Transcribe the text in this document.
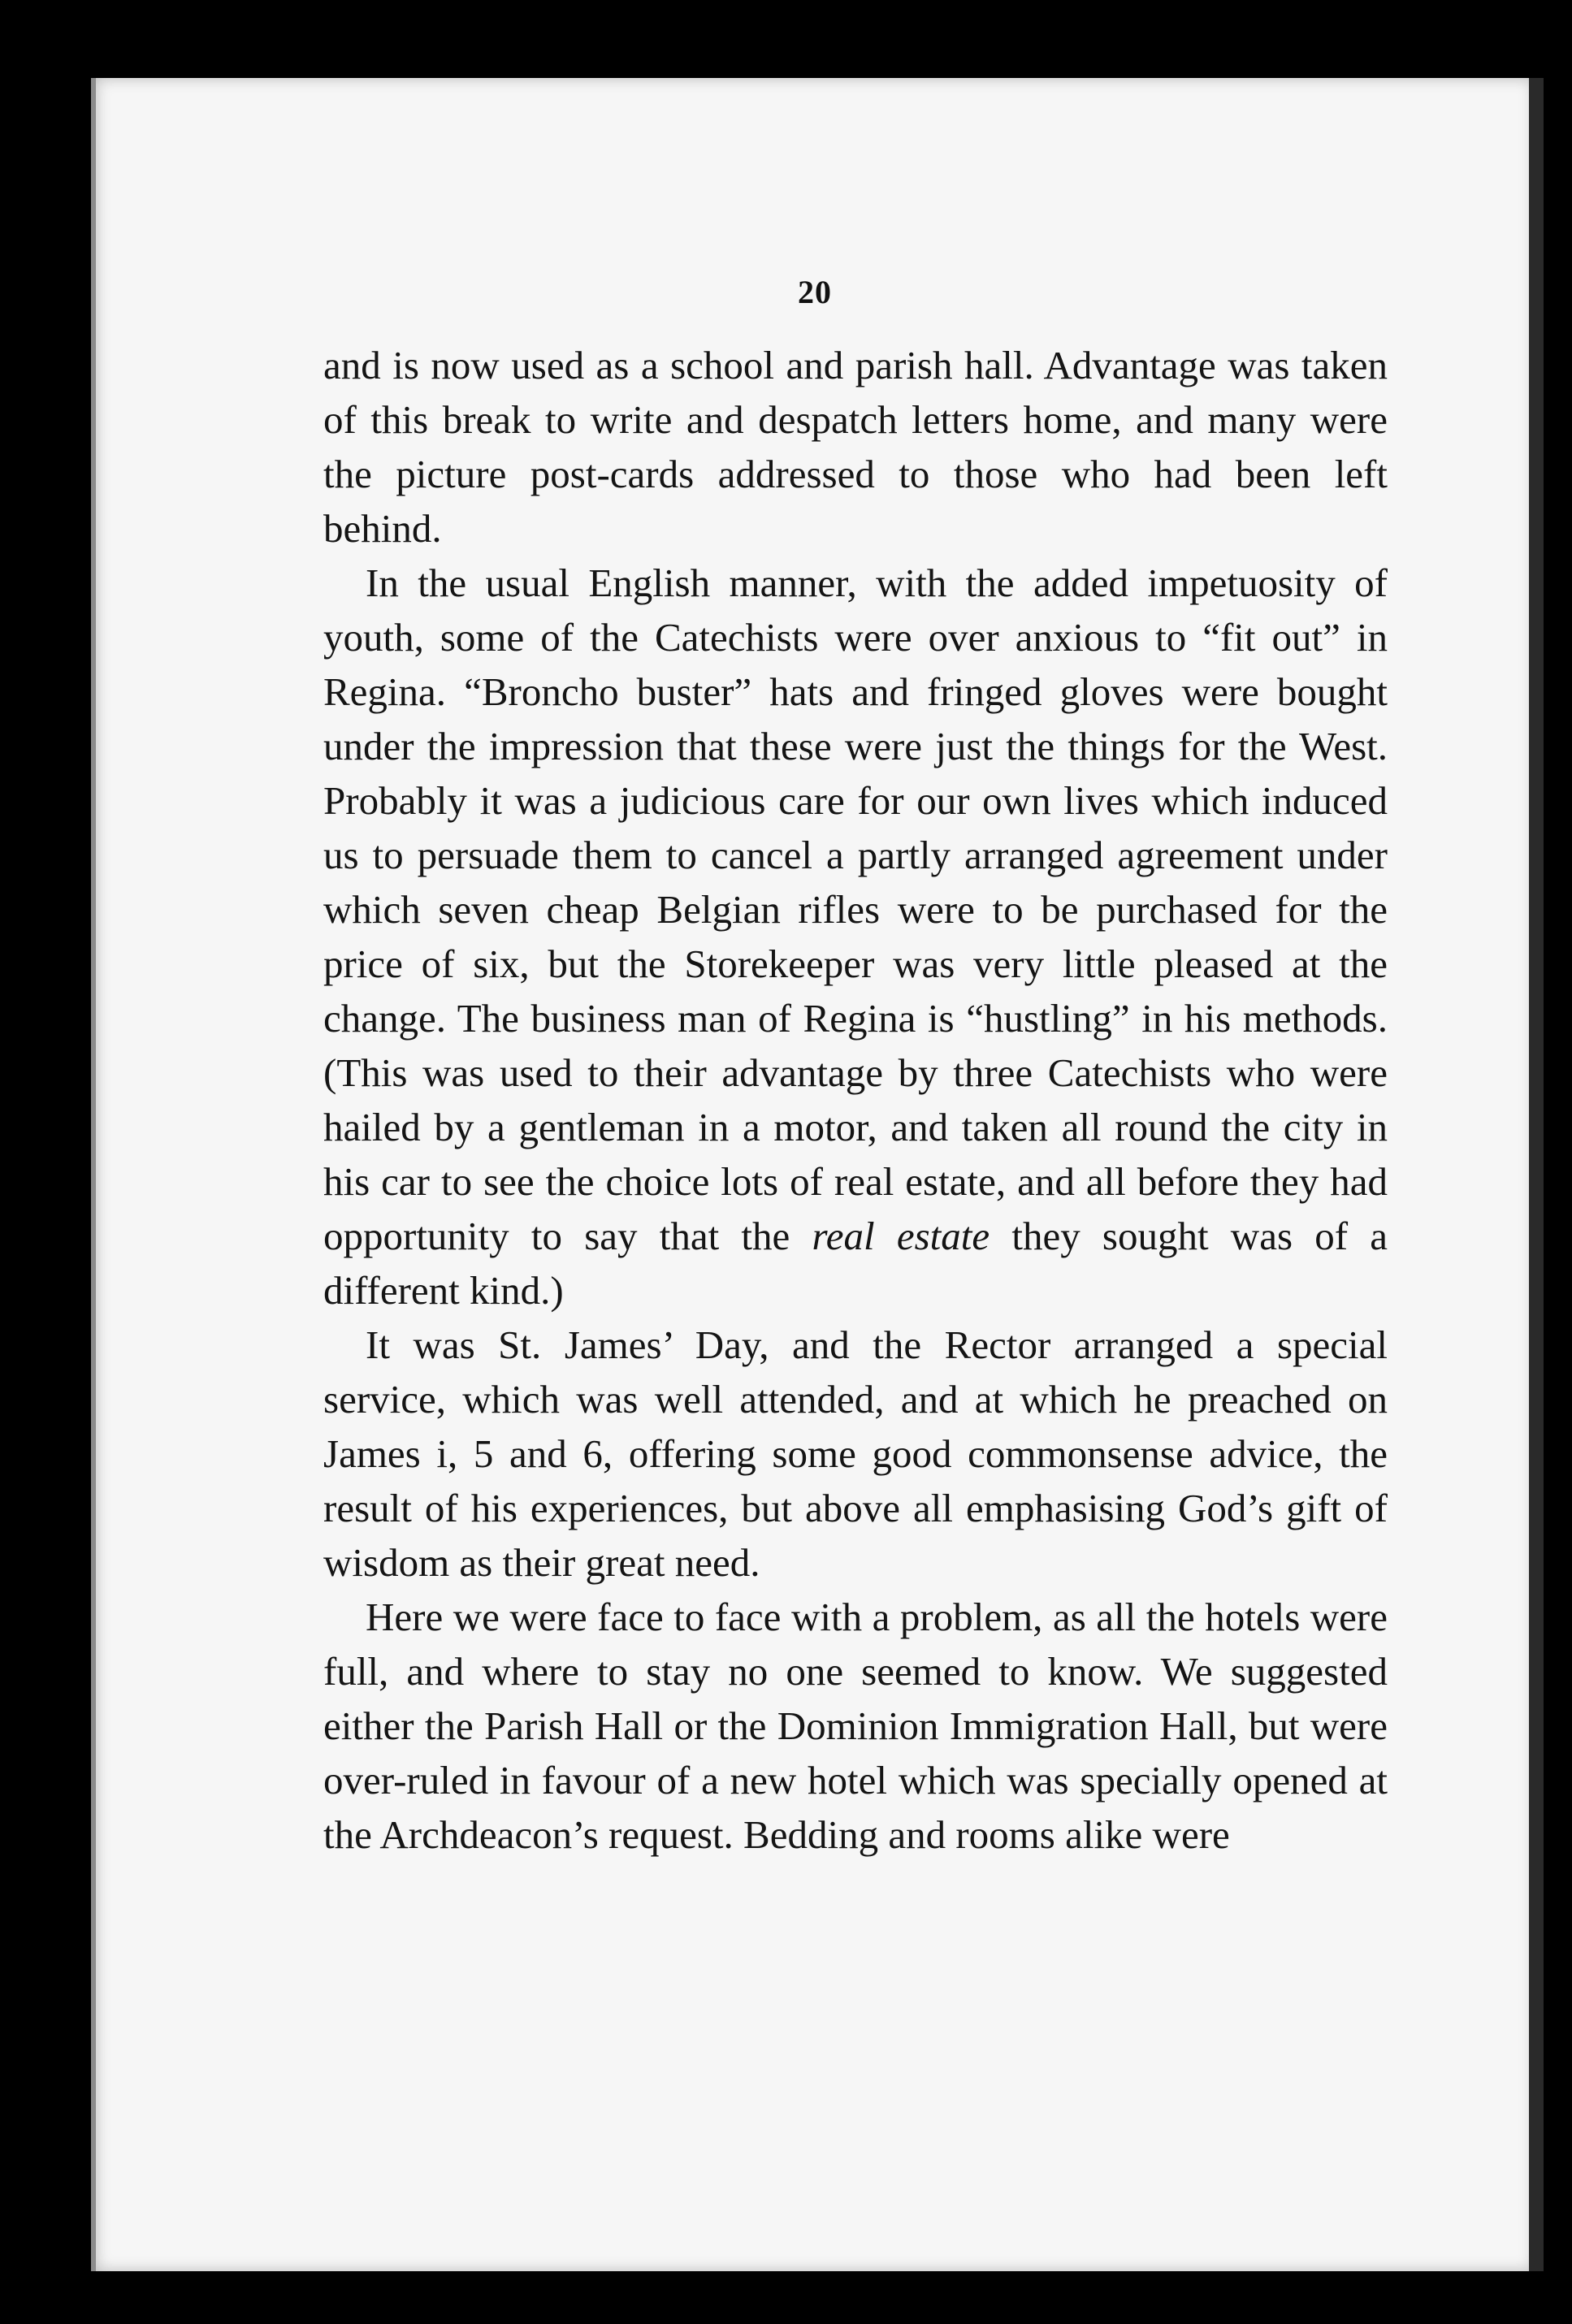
20

and is now used as a school and parish hall. Advantage was taken of this break to write and despatch letters home, and many were the picture post-cards addressed to those who had been left behind.

In the usual English manner, with the added impetuosity of youth, some of the Catechists were over anxious to “fit out” in Regina. “Broncho buster” hats and fringed gloves were bought under the impression that these were just the things for the West. Probably it was a judicious care for our own lives which induced us to persuade them to cancel a partly arranged agreement under which seven cheap Belgian rifles were to be purchased for the price of six, but the Storekeeper was very little pleased at the change. The business man of Regina is “hustling” in his methods. (This was used to their advantage by three Catechists who were hailed by a gentleman in a motor, and taken all round the city in his car to see the choice lots of real estate, and all before they had opportunity to say that the real estate they sought was of a different kind.)

It was St. James’ Day, and the Rector arranged a special service, which was well attended, and at which he preached on James i, 5 and 6, offering some good commonsense advice, the result of his experiences, but above all emphasising God’s gift of wisdom as their great need.

Here we were face to face with a problem, as all the hotels were full, and where to stay no one seemed to know. We suggested either the Parish Hall or the Dominion Immigration Hall, but were over-ruled in favour of a new hotel which was specially opened at the Archdeacon’s request. Bedding and rooms alike were
